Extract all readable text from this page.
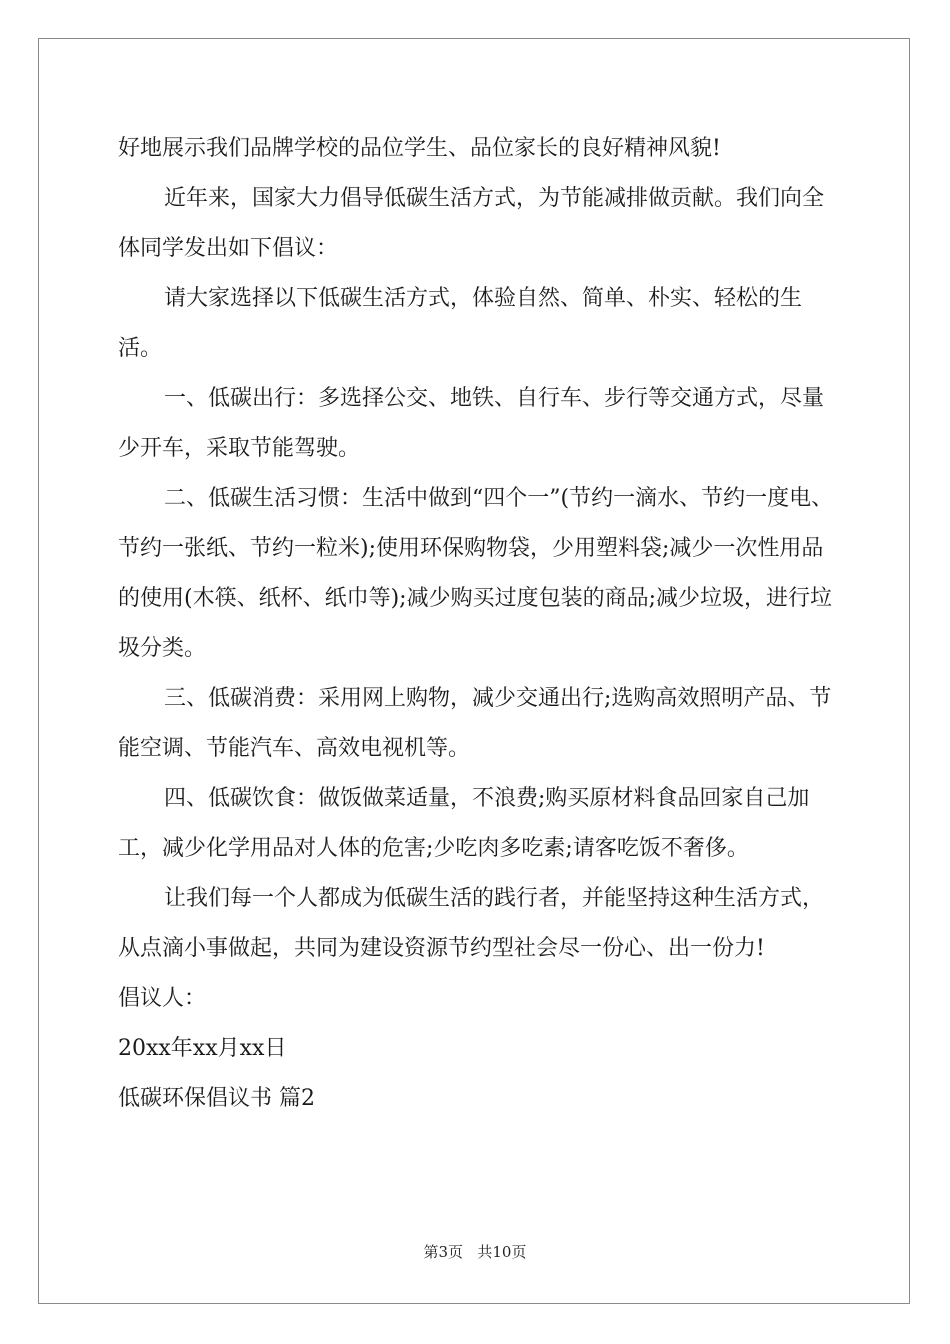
好地展示我们品牌学校的品位学生、品位家长的良好精神风貌!

近年来，国家大力倡导低碳生活方式，为节能减排做贡献。我们向全体同学发出如下倡议：

请大家选择以下低碳生活方式，体验自然、简单、朴实、轻松的生活。

一、低碳出行：多选择公交、地铁、自行车、步行等交通方式，尽量少开车，采取节能驾驶。

二、低碳生活习惯：生活中做到“四个一”(节约一滴水、节约一度电、节约一张纸、节约一粒米);使用环保购物袋，少用塑料袋;减少一次性用品的使用(木筷、纸杯、纸巾等);减少购买过度包装的商品;减少垃圾，进行垃圾分类。

三、低碳消费：采用网上购物，减少交通出行;选购高效照明产品、节能空调、节能汽车、高效电视机等。

四、低碳饮食：做饭做菜适量，不浪费;购买原材料食品回家自己加工，减少化学用品对人体的危害;少吃肉多吃素;请客吃饭不奢侈。

让我们每一个人都成为低碳生活的践行者，并能坚持这种生活方式，从点滴小事做起，共同为建设资源节约型社会尽一份心、出一份力!

倡议人：

20xx年xx月xx日

低碳环保倡议书 篇2

第3页 共10页
